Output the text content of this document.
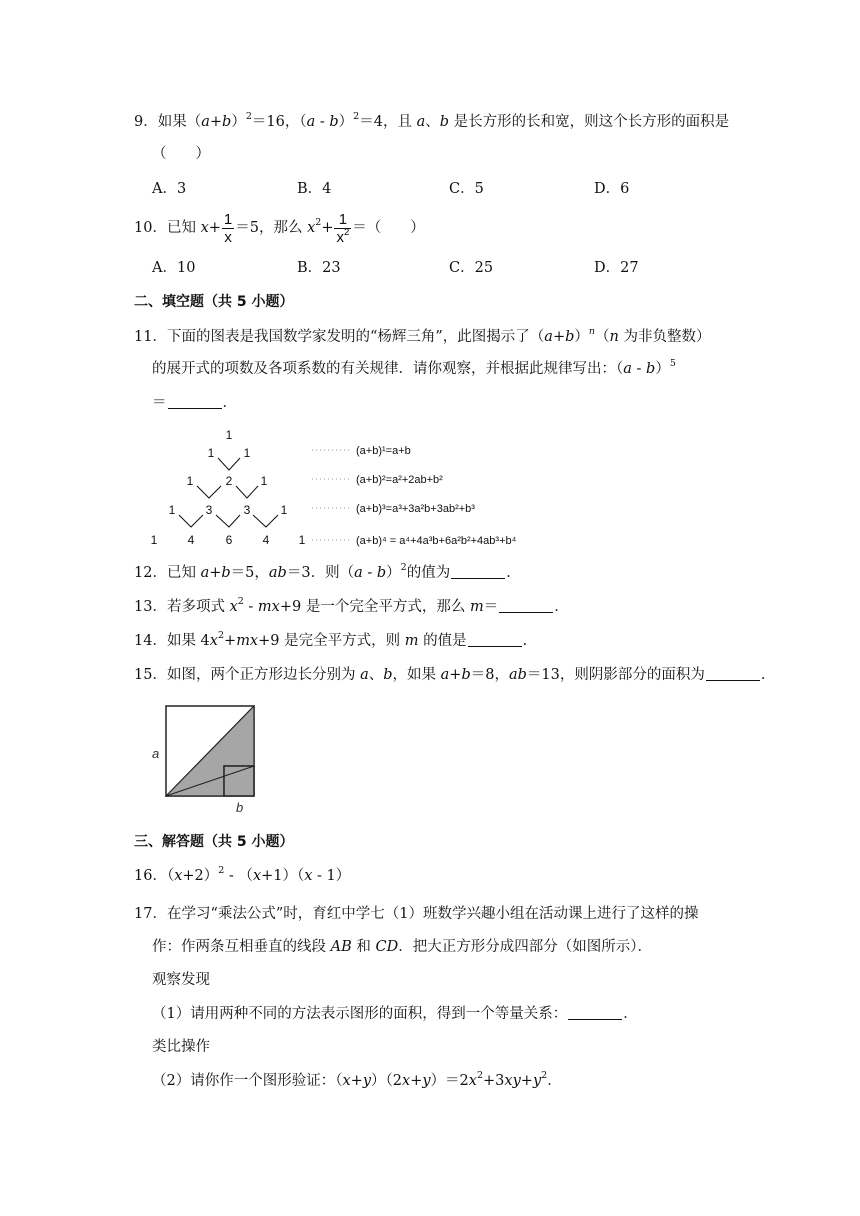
9．如果$(a+b)^2=16$，（a - b）$^2$＝4，且 a、b 是长方形的长和宽，则这个长方形的面积是
（　　）
A．3	B．4	C．5	D．6
10．已知 $x+ \frac{1}{x} =5$，那么 $x^2+ \frac{1}{x^2}$ ＝（　　）
A．10	B．23	C．25	D．27
二、填空题（共 5 小题）
11．下面的图表是我国数学家发明的“杨辉三角”，此图揭示了$(a+b)^n(n$ 为非负整数）
的展开式的项数及各项系数的有关规律．请你观察，并根据此规律写出：（a - b）$^5$
＝	．
1
1 1
1	2 1
1	3	3	1
1	4	6	4 1
(a+b)¹=a+b
(a+b)²=a²+2ab+b²
(a+b)³=a³+3a²b+3ab²+b³
(a+b)⁴ = a⁴+4a³b+6a²b²+4ab³+b⁴
12．已知 a+b＝5，ab＝3．则（a - b）$^2$的值为	．
13．若多项式 $x^2 - mx+9$ 是一个完全平方式，那么 m＝	．
14．如果 $4x^2+mx+9$ 是完全平方式，则 m 的值是	．
15．如图，两个正方形边长分别为 a、b，如果 a+b＝8，ab＝13，则阴影部分的面积为	．
a
b
三、解答题（共 5 小题）
16．$(x+2)^2 - (x+1)(x - 1)$
17．在学习“乘法公式”时，育红中学七（1）班数学兴趣小组在活动课上进行了这样的操
作：作两条互相垂直的线段 AB 和 CD．把大正方形分成四部分（如图所示）．
观察发现
（1）请用两种不同的方法表示图形的面积，得到一个等量关系：	．
类比操作
（2）请你作一个图形验证：$(x+y)(2x+y)=2x^2+3xy+y^2$．
